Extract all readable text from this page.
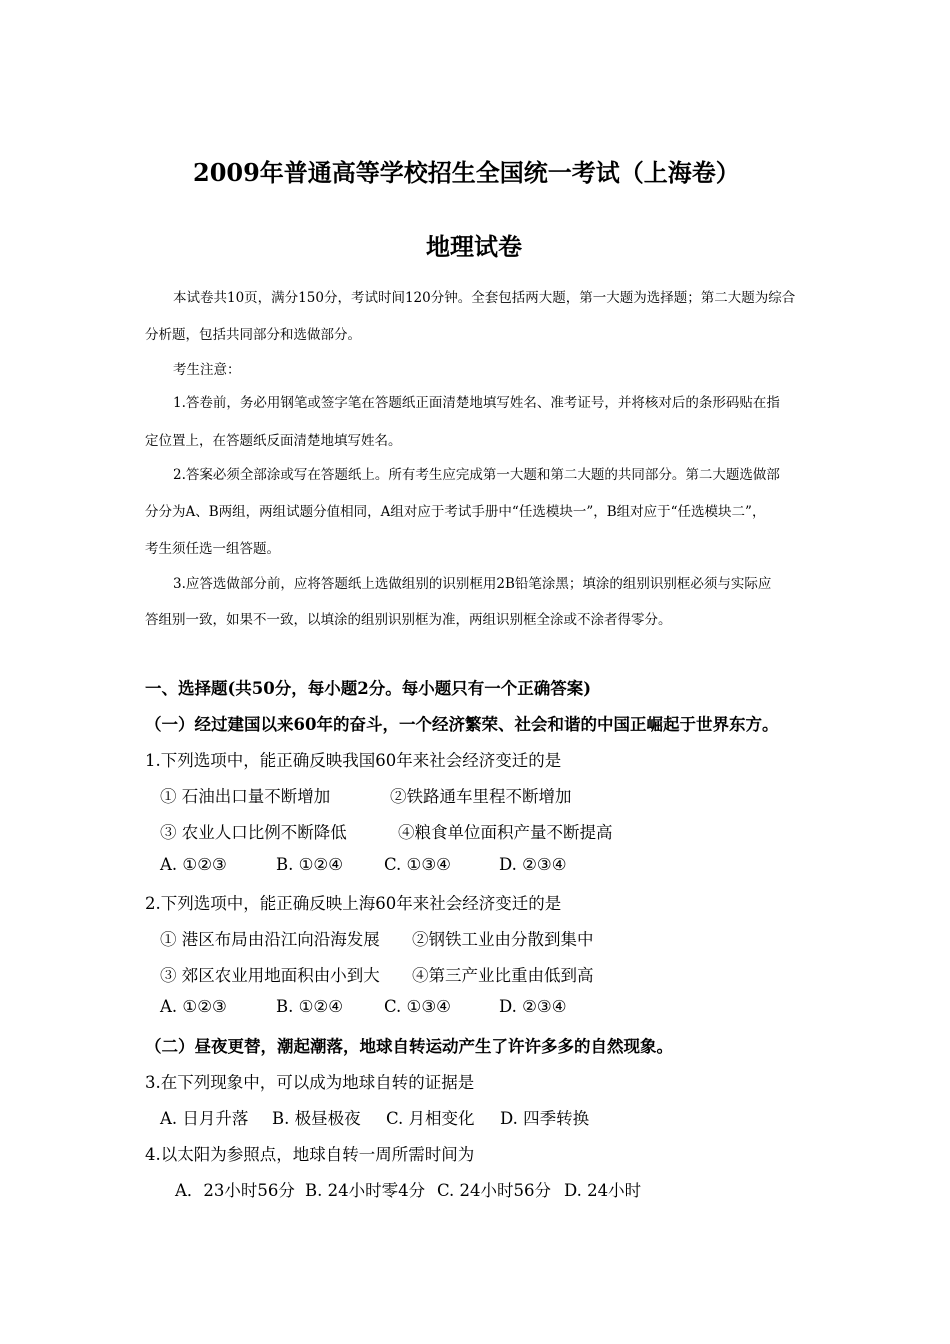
2009年普通高等学校招生全国统一考试（上海卷）
地理试卷
本试卷共10页，满分150分，考试时间120分钟。全套包括两大题，第一大题为选择题；第二大题为综合
分析题，包括共同部分和选做部分。
考生注意：
1.答卷前，务必用钢笔或签字笔在答题纸正面清楚地填写姓名、准考证号，并将核对后的条形码贴在指
定位置上，在答题纸反面清楚地填写姓名。
2.答案必须全部涂或写在答题纸上。所有考生应完成第一大题和第二大题的共同部分。第二大题选做部
分分为A、B两组，两组试题分值相同，A组对应于考试手册中“任选模块一”，B组对应于“任选模块二”，
考生须任选一组答题。
3.应答选做部分前，应将答题纸上选做组别的识别框用2B铅笔涂黑；填涂的组别识别框必须与实际应
答组别一致，如果不一致，以填涂的组别识别框为准，两组识别框全涂或不涂者得零分。
一、选择题(共50分，每小题2分。每小题只有一个正确答案)
（一）经过建国以来60年的奋斗，一个经济繁荣、社会和谐的中国正崛起于世界东方。
1.下列选项中，能正确反映我国60年来社会经济变迁的是
① 石油出口量不断增加	②铁路通车里程不断增加
③ 农业人口比例不断降低	④粮食单位面积产量不断提高
A. ①②③	B. ①②④ C. ①③④	D. ②③④
2.下列选项中，能正确反映上海60年来社会经济变迁的是
① 港区布局由沿江向沿海发展 ②钢铁工业由分散到集中
③ 郊区农业用地面积由小到大 ④第三产业比重由低到高
A. ①②③	B. ①②④ C. ①③④	D. ②③④
（二）昼夜更替，潮起潮落，地球自转运动产生了许许多多的自然现象。
3.在下列现象中，可以成为地球自转的证据是
A. 日月升落 B. 极昼极夜 C. 月相变化 D. 四季转换
4.以太阳为参照点，地球自转一周所需时间为
A．23小时56分 B. 24小时零4分 C. 24小时56分 D. 24小时
